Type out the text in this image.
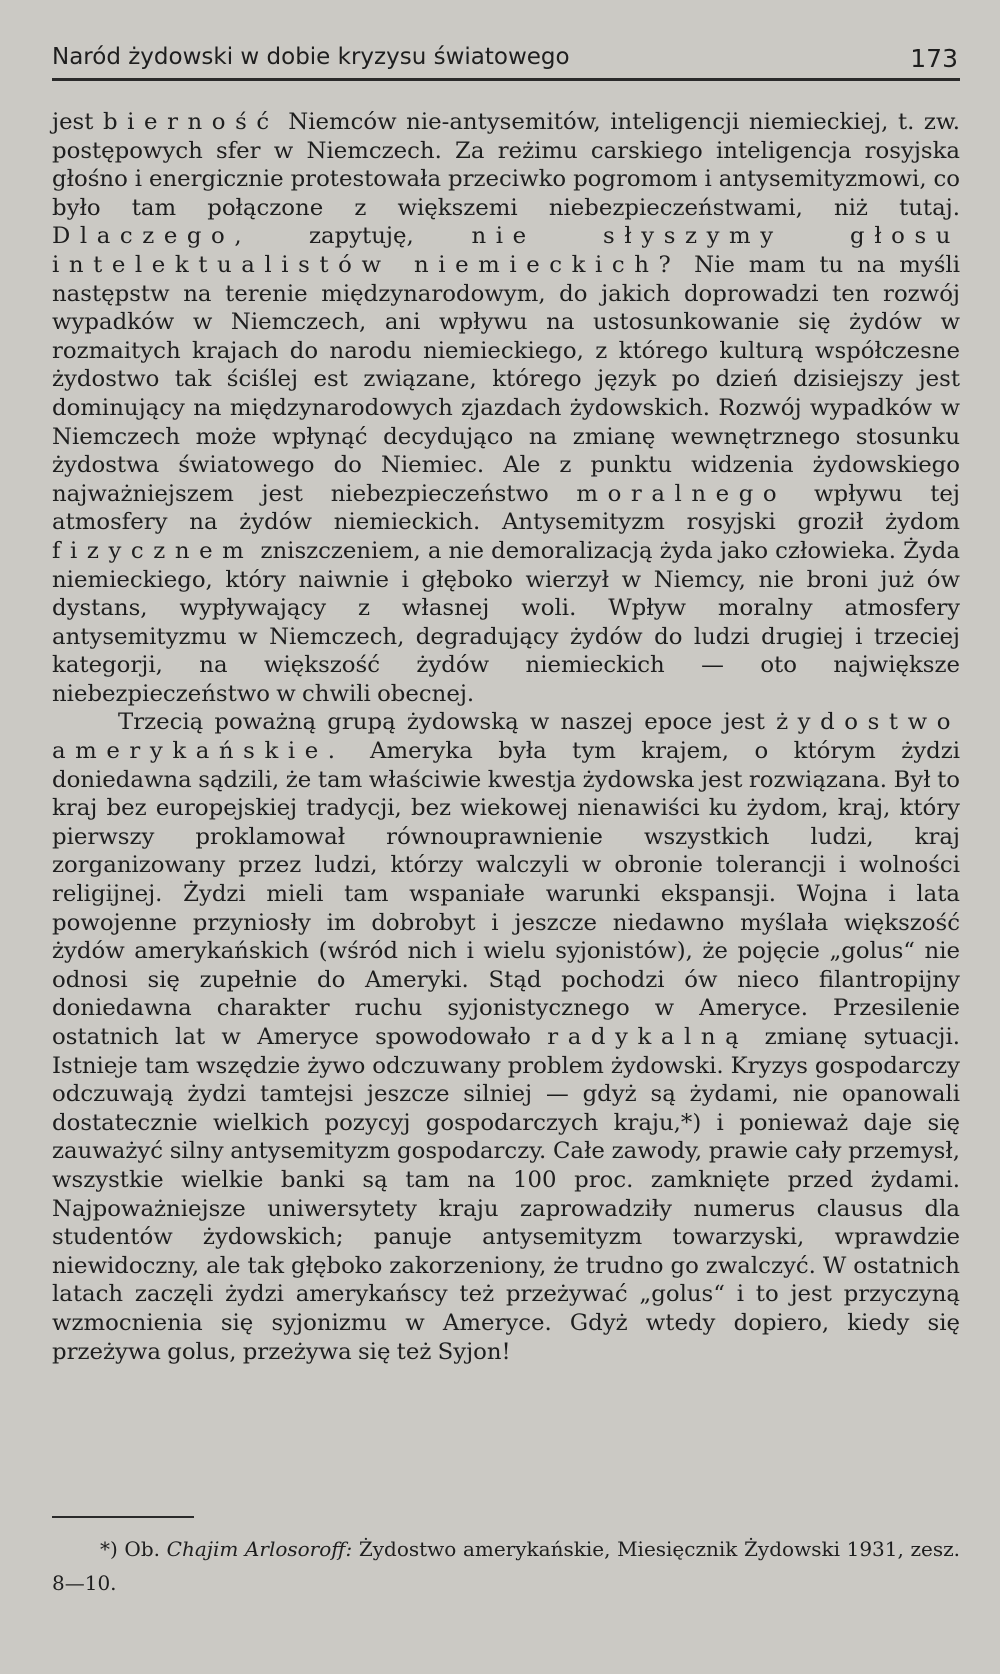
Naród żydowski w dobie kryzysu światowego	173

jest bierność Niemców nie-antysemitów, inteligencji niemieckiej, t. zw. postępowych sfer w Niemczech. Za reżimu carskiego inteligencja rosyjska głośno i energicznie protestowała przeciwko pogromom i antysemityzmowi, co było tam połączone z większemi niebezpieczeństwami, niż tutaj. Dlaczego, zapytuję, nie słyszymy głosu intelektualistów niemieckich? Nie mam tu na myśli następstw na terenie międzynarodowym, do jakich doprowadzi ten rozwój wypadków w Niemczech, ani wpływu na ustosunkowanie się żydów w rozmaitych krajach do narodu niemieckiego, z którego kulturą współczesne żydostwo tak ściślej est związane, którego język po dzień dzisiejszy jest dominujący na międzynarodowych zjazdach żydowskich. Rozwój wypadków w Niemczech może wpłynąć decydująco na zmianę wewnętrznego stosunku żydostwa światowego do Niemiec. Ale z punktu widzenia żydowskiego najważniejszem jest niebezpieczeństwo moralnego wpływu tej atmosfery na żydów niemieckich. Antysemityzm rosyjski groził żydom fizycznem zniszczeniem, a nie demoralizacją żyda jako człowieka. Żyda niemieckiego, który naiwnie i głęboko wierzył w Niemcy, nie broni już ów dystans, wypływający z własnej woli. Wpływ moralny atmosfery antysemityzmu w Niemczech, degradujący żydów do ludzi drugiej i trzeciej kategorji, na większość żydów niemieckich — oto największe niebezpieczeństwo w chwili obecnej.

Trzecią poważną grupą żydowską w naszej epoce jest żydostwo amerykańskie. Ameryka była tym krajem, o którym żydzi doniedawna sądzili, że tam właściwie kwestja żydowska jest rozwiązana. Był to kraj bez europejskiej tradycji, bez wiekowej nienawiści ku żydom, kraj, który pierwszy proklamował równouprawnienie wszystkich ludzi, kraj zorganizowany przez ludzi, którzy walczyli w obronie tolerancji i wolności religijnej. Żydzi mieli tam wspaniałe warunki ekspansji. Wojna i lata powojenne przyniosły im dobrobyt i jeszcze niedawno myślała większość żydów amerykańskich (wśród nich i wielu syjonistów), że pojęcie „golus“ nie odnosi się zupełnie do Ameryki. Stąd pochodzi ów nieco filantropijny doniedawna charakter ruchu syjonistycznego w Ameryce. Przesilenie ostatnich lat w Ameryce spowodowało radykalną zmianę sytuacji. Istnieje tam wszędzie żywo odczuwany problem żydowski. Kryzys gospodarczy odczuwają żydzi tamtejsi jeszcze silniej — gdyż są żydami, nie opanowali dostatecznie wielkich pozycyj gospodarczych kraju,*) i ponieważ daje się zauważyć silny antysemityzm gospodarczy. Całe zawody, prawie cały przemysł, wszystkie wielkie banki są tam na 100 proc. zamknięte przed żydami. Najpoważniejsze uniwersytety kraju zaprowadziły numerus clausus dla studentów żydowskich; panuje antysemityzm towarzyski, wprawdzie niewidoczny, ale tak głęboko zakorzeniony, że trudno go zwalczyć. W ostatnich latach zaczęli żydzi amerykańscy też przeżywać „golus“ i to jest przyczyną wzmocnienia się syjonizmu w Ameryce. Gdyż wtedy dopiero, kiedy się przeżywa golus, przeżywa się też Syjon!

*) Ob. Chajim Arlosoroff: Żydostwo amerykańskie, Miesięcznik Żydowski 1931, zesz. 8—10.
